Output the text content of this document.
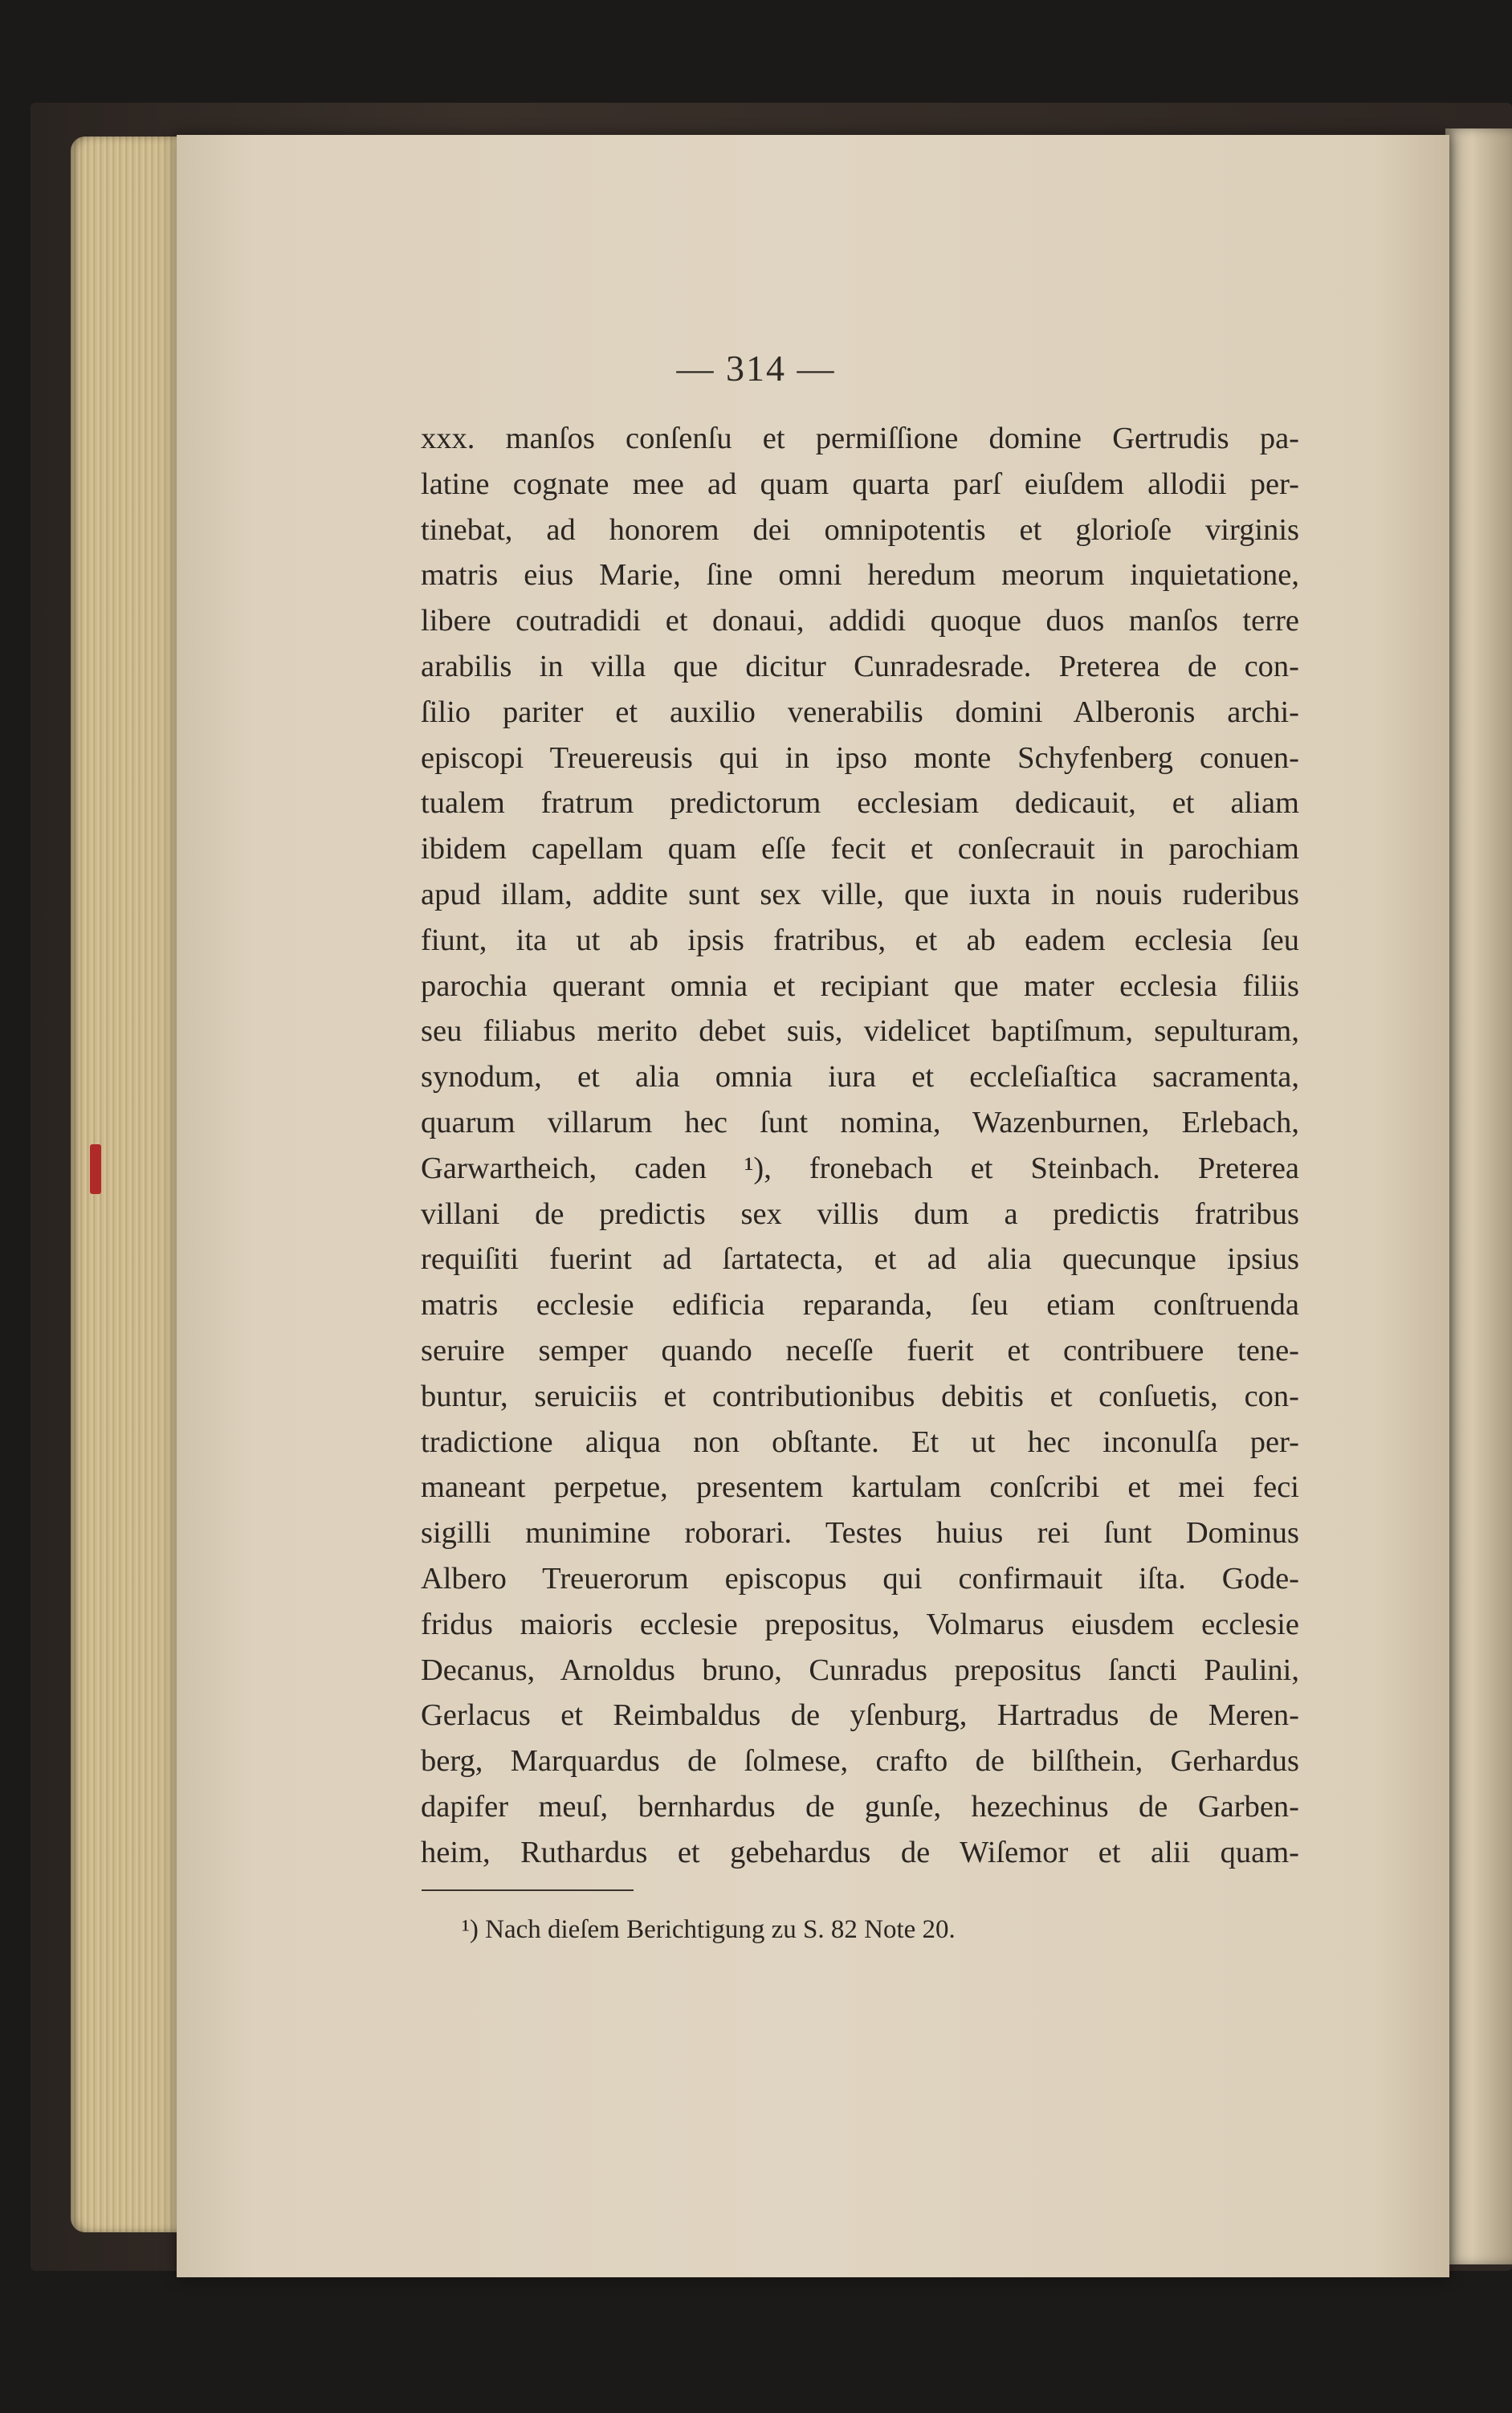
— 314 —
xxx. manſos conſenſu et permiſſione domine Gertrudis pa-
latine cognate mee ad quam quarta parſ eiuſdem allodii per-
tinebat, ad honorem dei omnipotentis et glorioſe virginis
matris eius Marie, ſine omni heredum meorum inquietatione,
libere coutradidi et donaui, addidi quoque duos manſos terre
arabilis in villa que dicitur Cunradesrade. Preterea de con-
ſilio pariter et auxilio venerabilis domini Alberonis archi-
episcopi Treuereusis qui in ipso monte Schyfenberg conuen-
tualem fratrum predictorum ecclesiam dedicauit, et aliam
ibidem capellam quam eſſe fecit et conſecrauit in parochiam
apud illam, addite sunt sex ville, que iuxta in nouis ruderibus
fiunt, ita ut ab ipsis fratribus, et ab eadem ecclesia ſeu
parochia querant omnia et recipiant que mater ecclesia filiis
seu filiabus merito debet suis, videlicet baptiſmum, sepulturam,
synodum, et alia omnia iura et eccleſiaſtica sacramenta,
quarum villarum hec ſunt nomina, Wazenburnen, Erlebach,
Garwartheich, caden ¹), fronebach et Steinbach. Preterea
villani de predictis sex villis dum a predictis fratribus
requiſiti fuerint ad ſartatecta, et ad alia quecunque ipsius
matris ecclesie edificia reparanda, ſeu etiam conſtruenda
seruire semper quando neceſſe fuerit et contribuere tene-
buntur, seruiciis et contributionibus debitis et conſuetis, con-
tradictione aliqua non obſtante. Et ut hec inconulſa per-
maneant perpetue, presentem kartulam conſcribi et mei feci
sigilli munimine roborari. Testes huius rei ſunt Dominus
Albero Treuerorum episcopus qui confirmauit iſta. Gode-
fridus maioris ecclesie prepositus, Volmarus eiusdem ecclesie
Decanus, Arnoldus bruno, Cunradus prepositus ſancti Paulini,
Gerlacus et Reimbaldus de yſenburg, Hartradus de Meren-
berg, Marquardus de ſolmese, crafto de bilſthein, Gerhardus
dapifer meuſ, bernhardus de gunſe, hezechinus de Garben-
heim, Ruthardus et gebehardus de Wiſemor et alii quam-
¹) Nach dieſem Berichtigung zu S. 82 Note 20.
